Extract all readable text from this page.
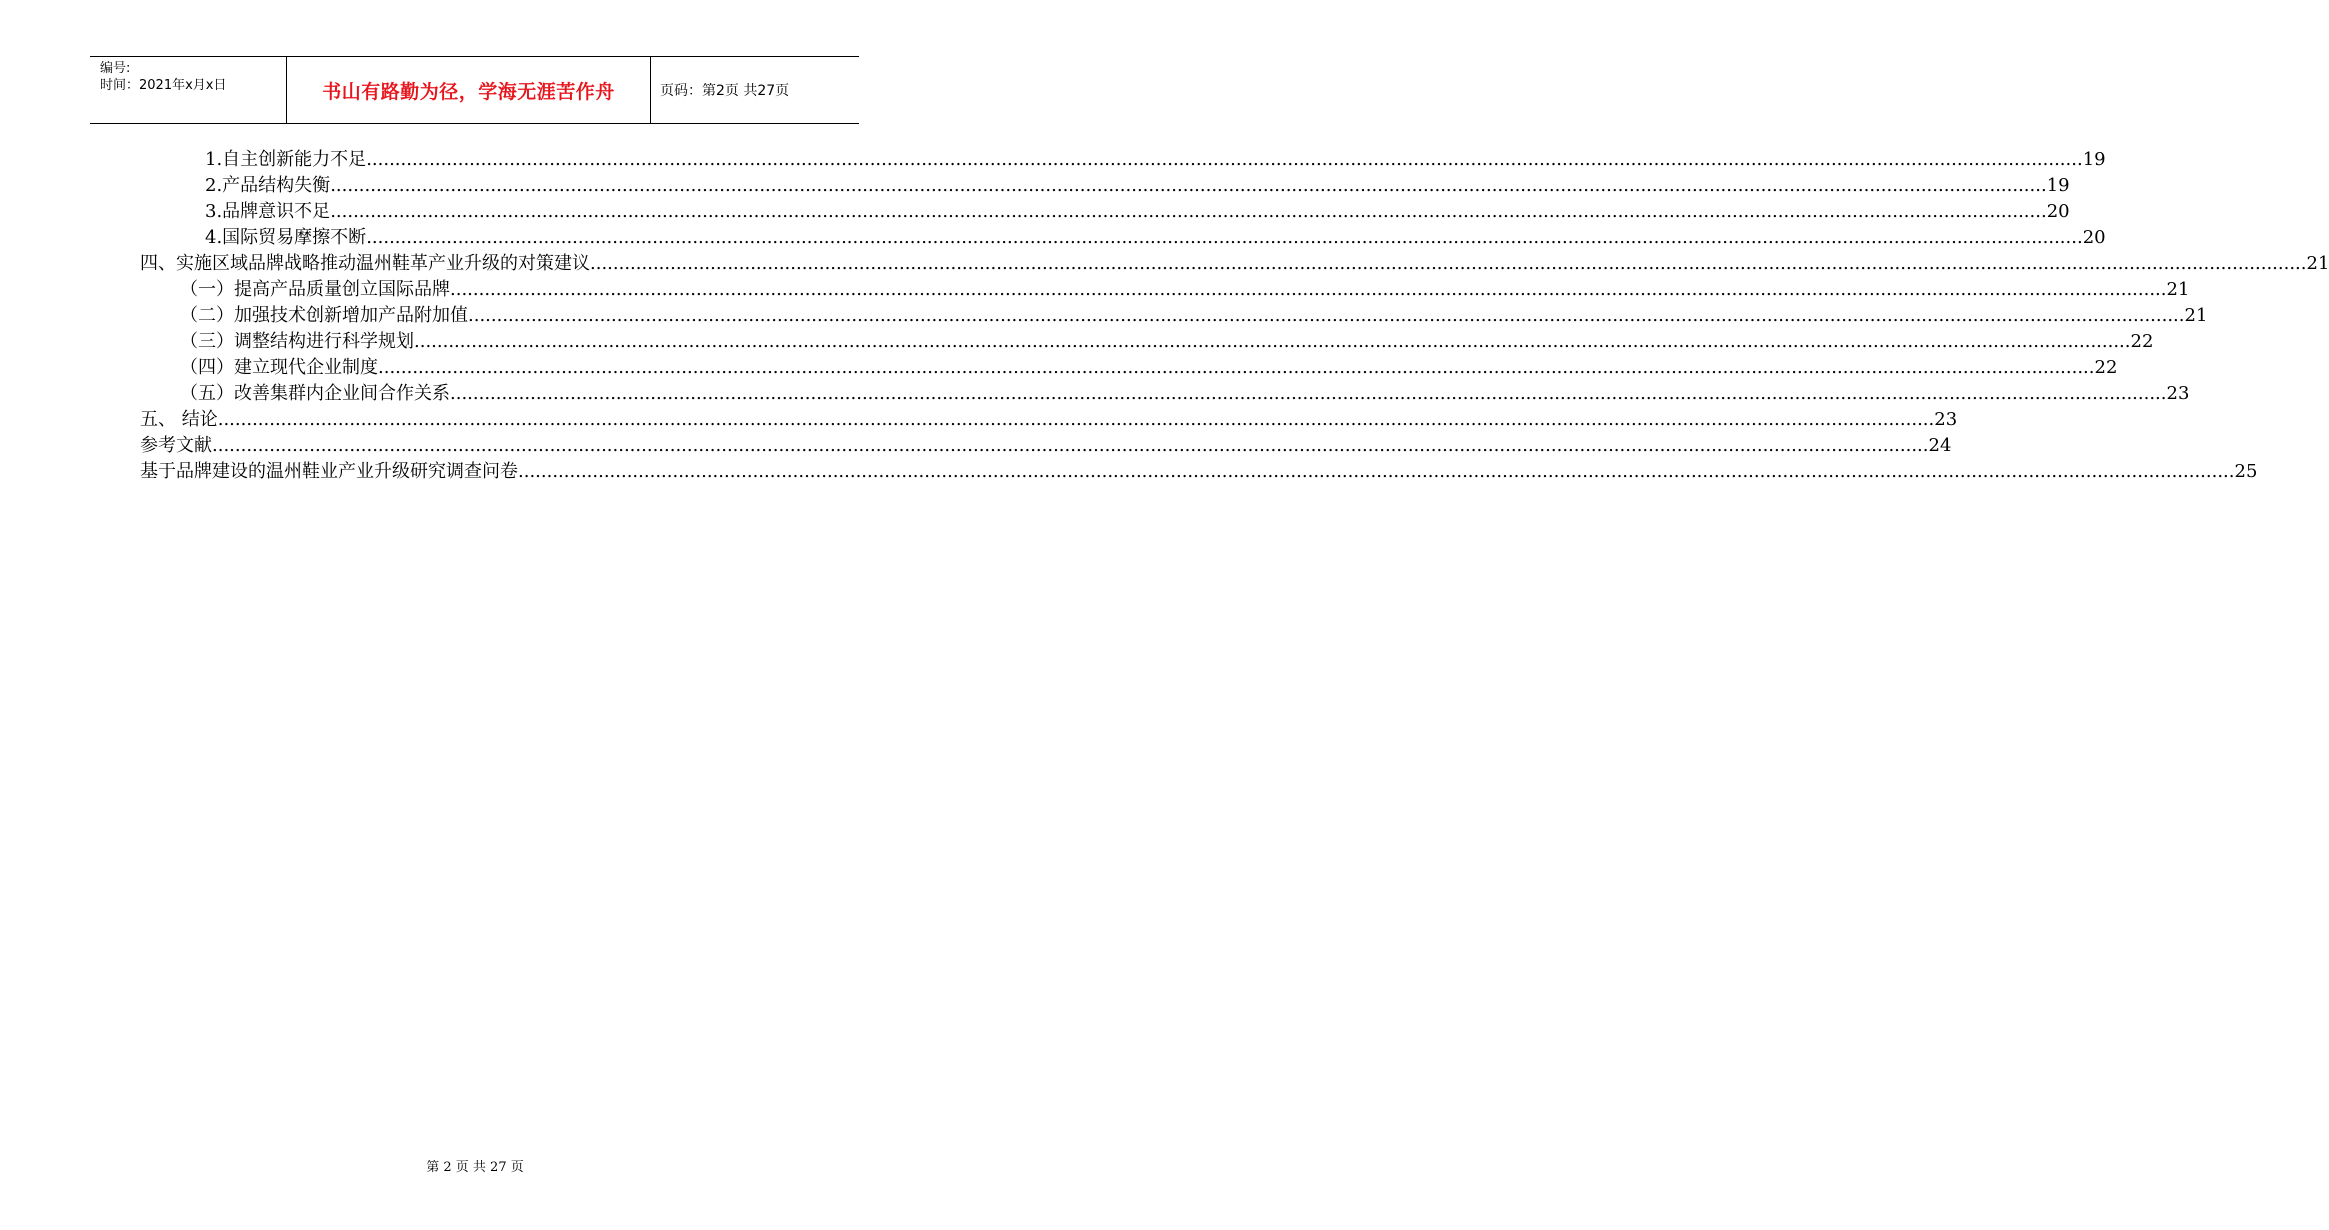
编号:
时间：2021年x月x日	书山有路勤为径，学海无涯苦作舟	页码：第2页 共27页
1.自主创新能力不足 ............................................................................................................................................................................................................................................................................................................ 19
2.产品结构失衡 ............................................................................................................................................................................................................................................................................................................ 19
3.品牌意识不足 ............................................................................................................................................................................................................................................................................................................ 20
4.国际贸易摩擦不断 ............................................................................................................................................................................................................................................................................................................ 20
四、实施区域品牌战略推动温州鞋革产业升级的对策建议 ............................................................................................................................................................................................................................................................................................................ 21
（一）提高产品质量创立国际品牌 ............................................................................................................................................................................................................................................................................................................ 21
（二）加强技术创新增加产品附加值 ............................................................................................................................................................................................................................................................................................................ 21
（三）调整结构进行科学规划 ............................................................................................................................................................................................................................................................................................................ 22
（四）建立现代企业制度 ............................................................................................................................................................................................................................................................................................................ 22
（五）改善集群内企业间合作关系 ............................................................................................................................................................................................................................................................................................................ 23
五、 结论 ............................................................................................................................................................................................................................................................................................................ 23
参考文献 ............................................................................................................................................................................................................................................................................................................ 24
基于品牌建设的温州鞋业产业升级研究调查问卷 ............................................................................................................................................................................................................................................................................................................ 25
第 2 页 共 27 页
